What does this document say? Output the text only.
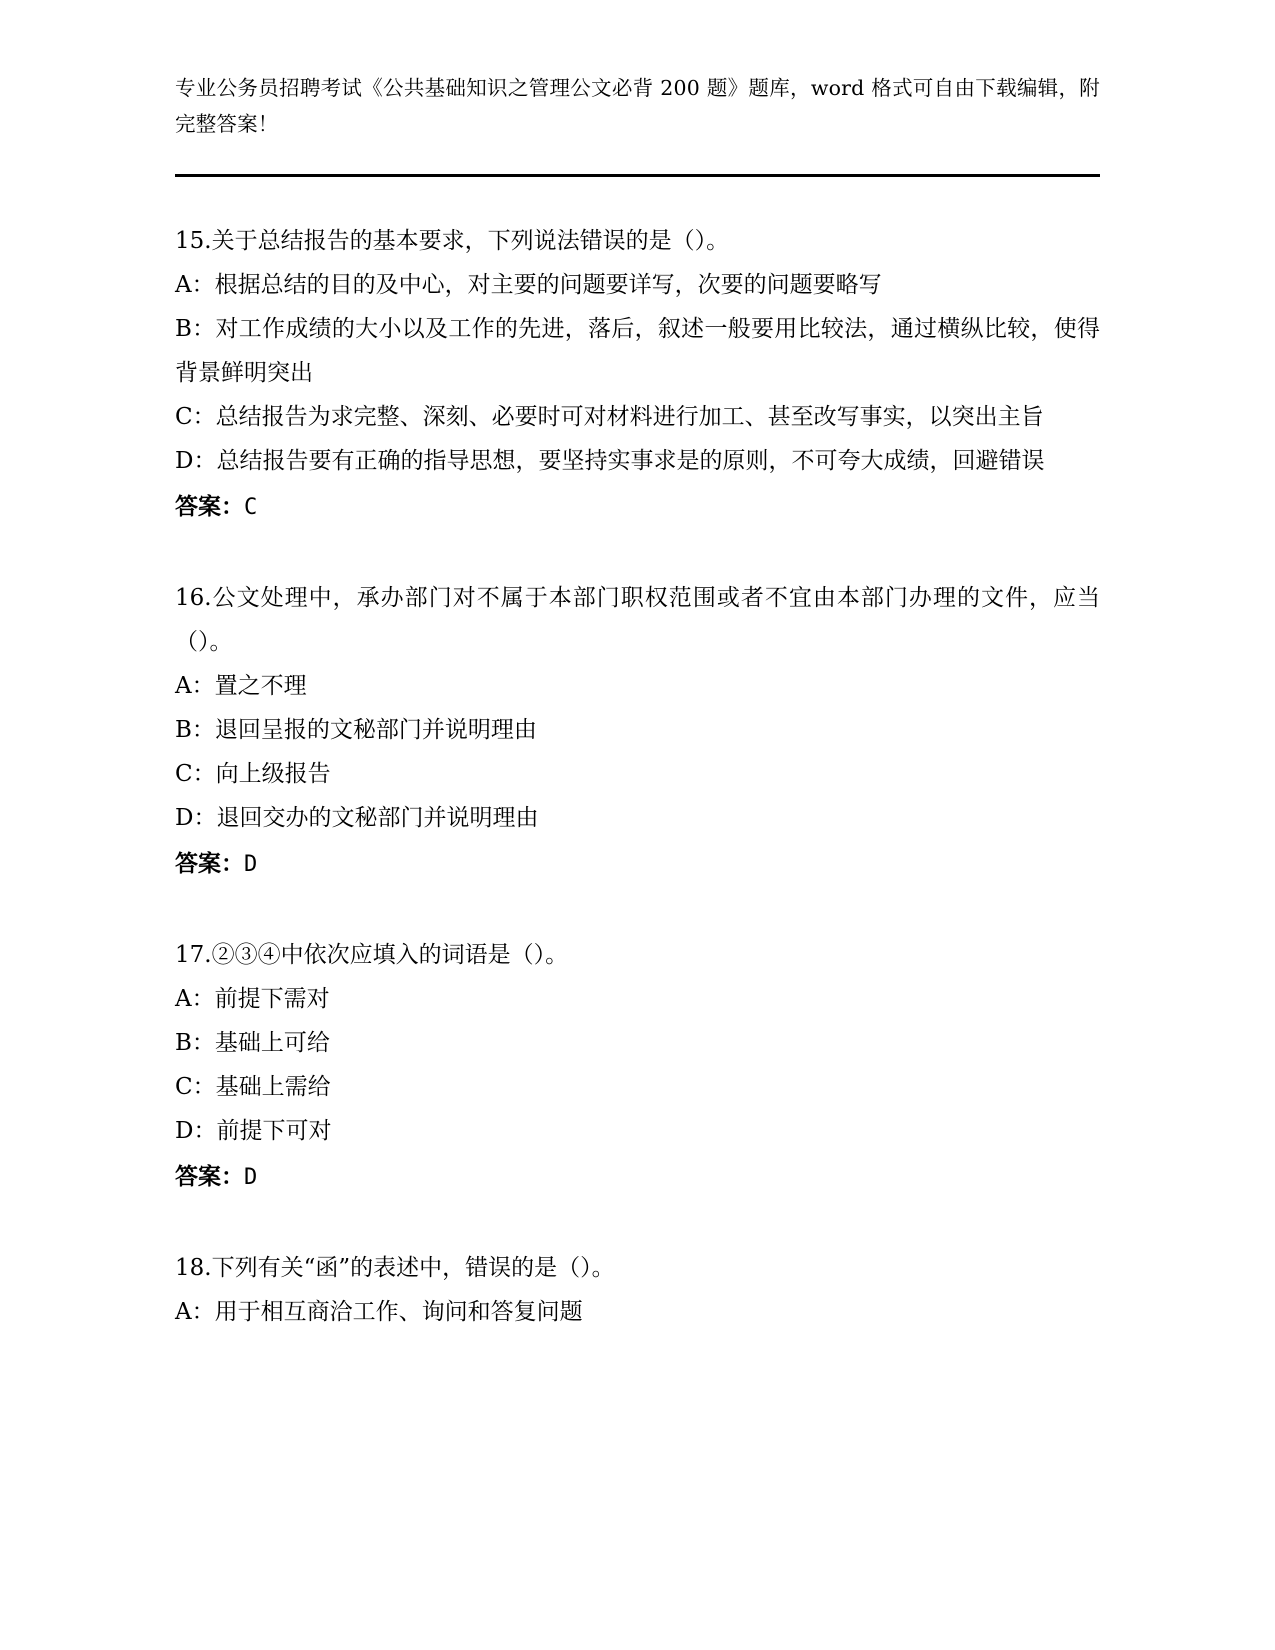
专业公务员招聘考试《公共基础知识之管理公文必背 200 题》题库，word 格式可自由下载编辑，附完整答案！
15.关于总结报告的基本要求，下列说法错误的是（）。
A：根据总结的目的及中心，对主要的问题要详写，次要的问题要略写
B：对工作成绩的大小以及工作的先进，落后，叙述一般要用比较法，通过横纵比较，使得背景鲜明突出
C：总结报告为求完整、深刻、必要时可对材料进行加工、甚至改写事实，以突出主旨
D：总结报告要有正确的指导思想，要坚持实事求是的原则，不可夸大成绩，回避错误
答案：C
16.公文处理中，承办部门对不属于本部门职权范围或者不宜由本部门办理的文件，应当（）。
A：置之不理
B：退回呈报的文秘部门并说明理由
C：向上级报告
D：退回交办的文秘部门并说明理由
答案：D
17.②③④中依次应填入的词语是（）。
A：前提下需对
B：基础上可给
C：基础上需给
D：前提下可对
答案：D
18.下列有关“函”的表述中，错误的是（）。
A：用于相互商洽工作、询问和答复问题
